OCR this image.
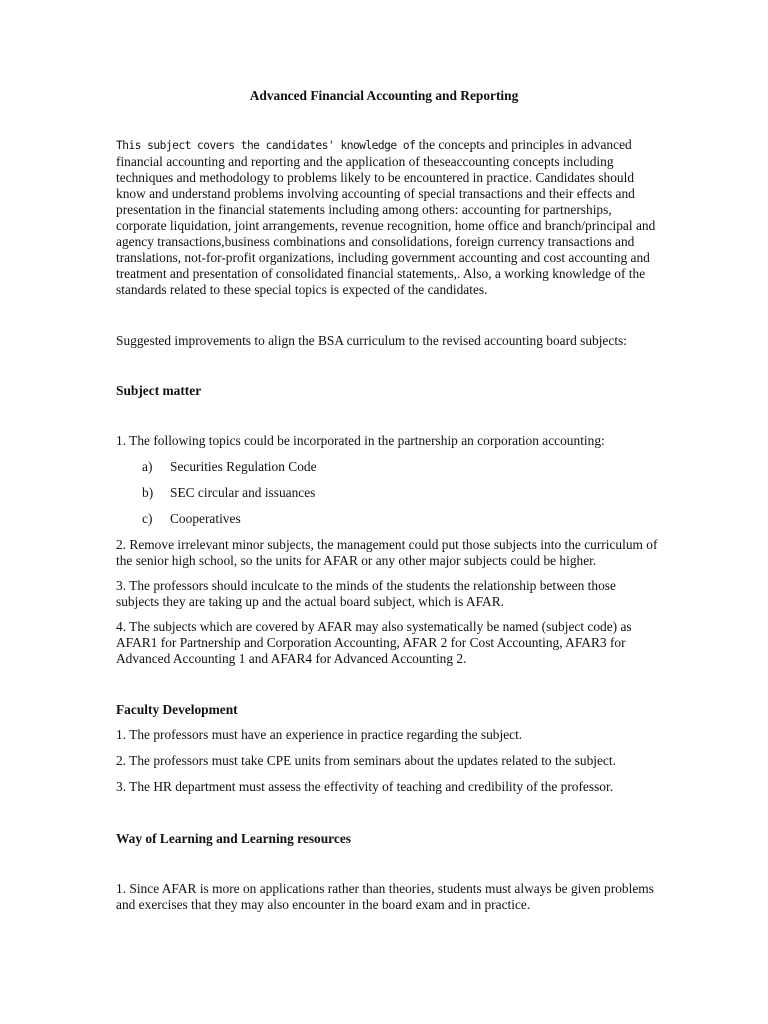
Advanced Financial Accounting and Reporting

This subject covers the candidates' knowledge of the concepts and principles in advanced financial accounting and reporting and the application of theseaccounting concepts including techniques and methodology to problems likely to be encountered in practice. Candidates should know and understand problems involving accounting of special transactions and their effects and presentation in the financial statements including among others: accounting for partnerships, corporate liquidation, joint arrangements, revenue recognition, home office and branch/principal and agency transactions,business combinations and consolidations, foreign currency transactions and translations, not-for-profit organizations, including government accounting and cost accounting and treatment and presentation of consolidated financial statements,. Also, a working knowledge of the standards related to these special topics is expected of the candidates.

Suggested improvements to align the BSA curriculum to the revised accounting board subjects:

Subject matter

1. The following topics could be incorporated in the partnership an corporation accounting:

a) Securities Regulation Code

b) SEC circular and issuances

c) Cooperatives

2. Remove irrelevant minor subjects, the management could put those subjects into the curriculum of the senior high school, so the units for AFAR or any other major subjects could be higher.

3. The professors should inculcate to the minds of the students the relationship between those subjects they are taking up and the actual board subject, which is AFAR.

4. The subjects which are covered by AFAR may also systematically be named (subject code) as AFAR1 for Partnership and Corporation Accounting, AFAR 2 for Cost Accounting, AFAR3 for Advanced Accounting 1 and AFAR4 for Advanced Accounting 2.

Faculty Development

1. The professors must have an experience in practice regarding the subject.

2. The professors must take CPE units from seminars about the updates related to the subject.

3. The HR department must assess the effectivity of teaching and credibility of the professor.

Way of Learning and Learning resources

1. Since AFAR is more on applications rather than theories, students must always be given problems and exercises that they may also encounter in the board exam and in practice.
